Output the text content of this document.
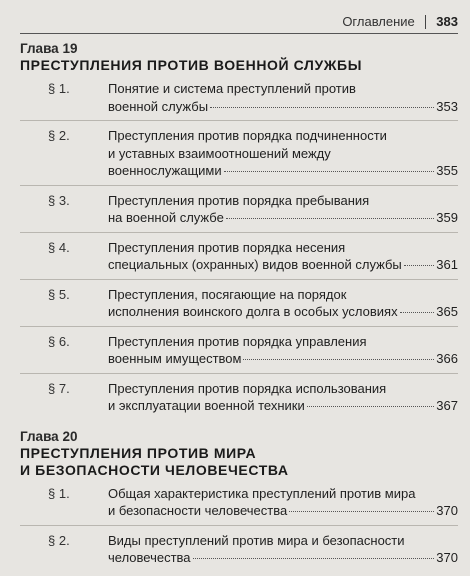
Оглавление 383
Глава 19
ПРЕСТУПЛЕНИЯ ПРОТИВ ВОЕННОЙ СЛУЖБЫ
§ 1.	Понятие и система преступлений против
военной службы	353
§ 2.	Преступления против порядка подчиненности
и уставных взаимоотношений между
военнослужащими	355
§ 3.	Преступления против порядка пребывания
на военной службе	359
§ 4.	Преступления против порядка несения
специальных (охранных) видов военной службы	361
§ 5.	Преступления, посягающие на порядок
исполнения воинского долга в особых условиях	365
§ 6.	Преступления против порядка управления
военным имуществом	366
§ 7.	Преступления против порядка использования
и эксплуатации военной техники	367
Глава 20
ПРЕСТУПЛЕНИЯ ПРОТИВ МИРА
И БЕЗОПАСНОСТИ ЧЕЛОВЕЧЕСТВА
§ 1.	Общая характеристика преступлений против мира
и безопасности человечества	370
§ 2.	Виды преступлений против мира и безопасности
человечества	370
